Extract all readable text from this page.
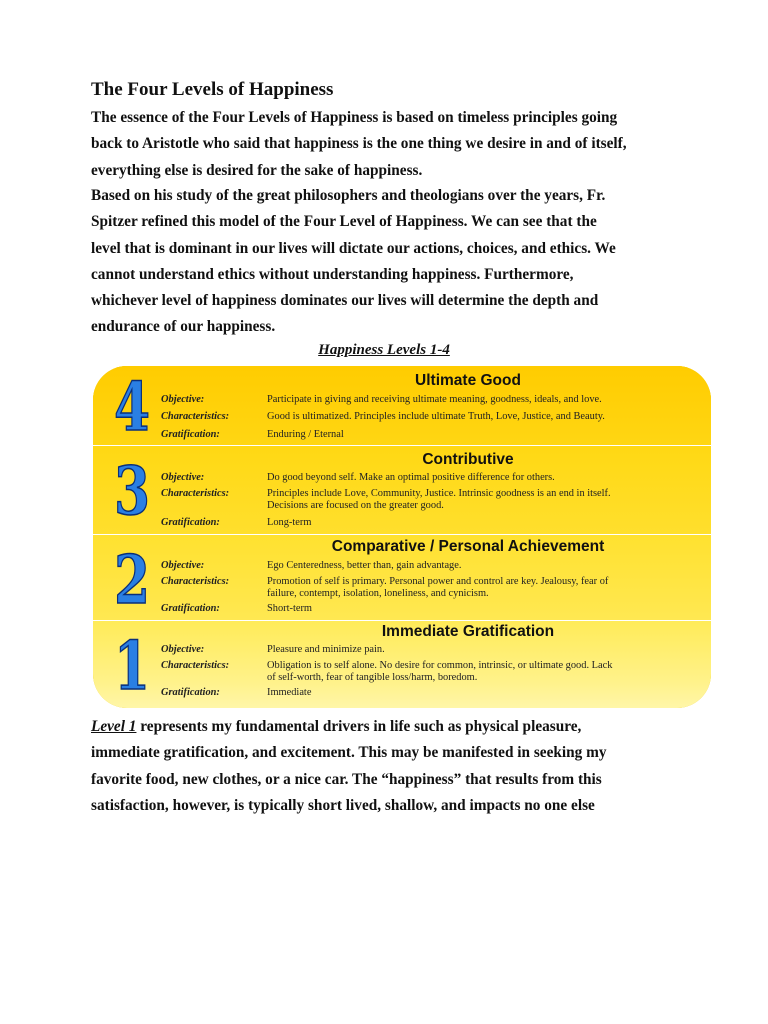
The Four Levels of Happiness
The essence of the Four Levels of Happiness is based on timeless principles going
back to Aristotle who said that happiness is the one thing we desire in and of itself,
everything else is desired for the sake of happiness.
Based on his study of the great philosophers and theologians over the years, Fr.
Spitzer refined this model of the Four Level of Happiness. We can see that the
level that is dominant in our lives will dictate our actions, choices, and ethics. We
cannot understand ethics without understanding happiness. Furthermore,
whichever level of happiness dominates our lives will determine the depth and
endurance of our happiness.
Happiness Levels 1-4
4	Ultimate Good
Objective:	Participate in giving and receiving ultimate meaning, goodness, ideals, and love.
Characteristics:	Good is ultimatized. Principles include ultimate Truth, Love, Justice, and Beauty.
Gratification:	Enduring / Eternal
3	Contributive
Objective:	Do good beyond self. Make an optimal positive difference for others.
Characteristics:	Principles include Love, Community, Justice. Intrinsic goodness is an end in itself.
Decisions are focused on the greater good.
Gratification:	Long-term
2	Comparative / Personal Achievement
Objective:	Ego Centeredness, better than, gain advantage.
Characteristics:	Promotion of self is primary. Personal power and control are key. Jealousy, fear of
failure, contempt, isolation, loneliness, and cynicism.
Gratification:	Short-term
1	Immediate Gratification
Objective:	Pleasure and minimize pain.
Characteristics:	Obligation is to self alone. No desire for common, intrinsic, or ultimate good. Lack
of self-worth, fear of tangible loss/harm, boredom.
Gratification:	Immediate
Level 1 represents my fundamental drivers in life such as physical pleasure,
immediate gratification, and excitement. This may be manifested in seeking my
favorite food, new clothes, or a nice car. The “happiness” that results from this
satisfaction, however, is typically short lived, shallow, and impacts no one else
